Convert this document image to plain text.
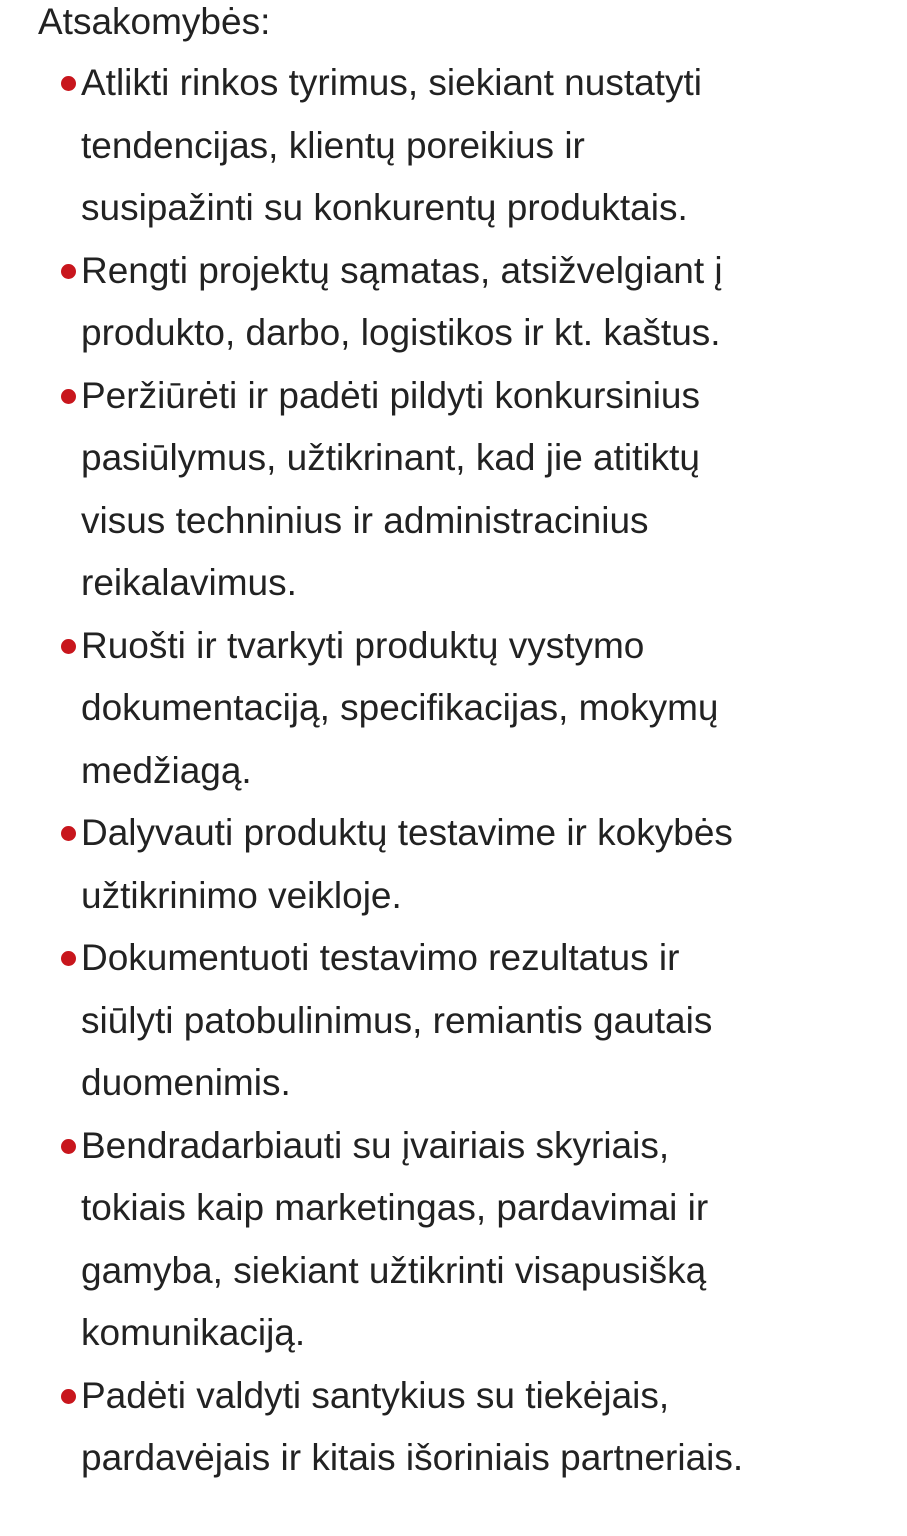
Atsakomybės:
Atlikti rinkos tyrimus, siekiant nustatyti
tendencijas, klientų poreikius ir
susipažinti su konkurentų produktais.
Rengti projektų sąmatas, atsižvelgiant į
produkto, darbo, logistikos ir kt. kaštus.
Peržiūrėti ir padėti pildyti konkursinius
pasiūlymus, užtikrinant, kad jie atitiktų
visus techninius ir administracinius
reikalavimus.
Ruošti ir tvarkyti produktų vystymo
dokumentaciją, specifikacijas, mokymų
medžiagą.
Dalyvauti produktų testavime ir kokybės
užtikrinimo veikloje.
Dokumentuoti testavimo rezultatus ir
siūlyti patobulinimus, remiantis gautais
duomenimis.
Bendradarbiauti su įvairiais skyriais,
tokiais kaip marketingas, pardavimai ir
gamyba, siekiant užtikrinti visapusišką
komunikaciją.
Padėti valdyti santykius su tiekėjais,
pardavėjais ir kitais išoriniais partneriais.
